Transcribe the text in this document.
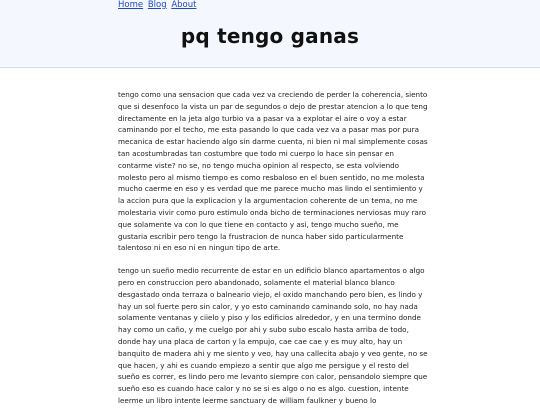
Home Blog About
pq tengo ganas

tengo como una sensacion que cada vez va creciendo de perder la coherencia, siento que si desenfoco la vista un par de segundos o dejo de prestar atencion a lo que teng directamente en la jeta algo turbio va a pasar va a explotar el aire o voy a estar caminando por el techo, me esta pasando lo que cada vez va a pasar mas por pura mecanica de estar haciendo algo sin darme cuenta, ni bien ni mal simplemente cosas tan acostumbradas tan costumbre que todo mi cuerpo lo hace sin pensar en contarme viste? no se, no tengo mucha opinion al respecto, se esta volviendo molesto pero al mismo tiempo es como resbaloso en el buen sentido, no me molesta mucho caerme en eso y es verdad que me parece mucho mas lindo el sentimiento y la accion pura que la explicacion y la argumentacion coherente de un tema, no me molestaria vivir como puro estimulo onda bicho de terminaciones nerviosas muy raro que solamente va con lo que tiene en contacto y asi, tengo mucho sueño, me gustaria escribir pero tengo la frustracion de nunca haber sido particularmente talentoso ni en eso ni en ningun tipo de arte.

tengo un sueño medio recurrente de estar en un edificio blanco apartamentos o algo pero en construccion pero abandonado, solamente el material blanco blanco desgastado onda terraza o balneario viejo, el oxido manchando pero bien, es lindo y hay un sol fuerte pero sin calor, y yo esto caminando caminando solo, no hay nada solamente ventanas y ciielo y piso y los edificios alrededor, y en una termino donde hay como un caño, y me cuelgo por ahi y subo subo escalo hasta arriba de todo, donde hay una placa de carton y la empujo, cae cae cae y es muy alto, hay un banquito de madera ahi y me siento y veo, hay una callecita abajo y veo gente, no se que hacen, y ahi es cuando empiezo a sentir que algo me persigue y el resto del sueño es correr, es lindo pero me levanto siempre con calor, pensandolo siempre que sueño eso es cuando hace calor y no se si es algo o no es algo. cuestion, intente leerme un libro intente leerme sanctuary de william faulkner y bueno lo
